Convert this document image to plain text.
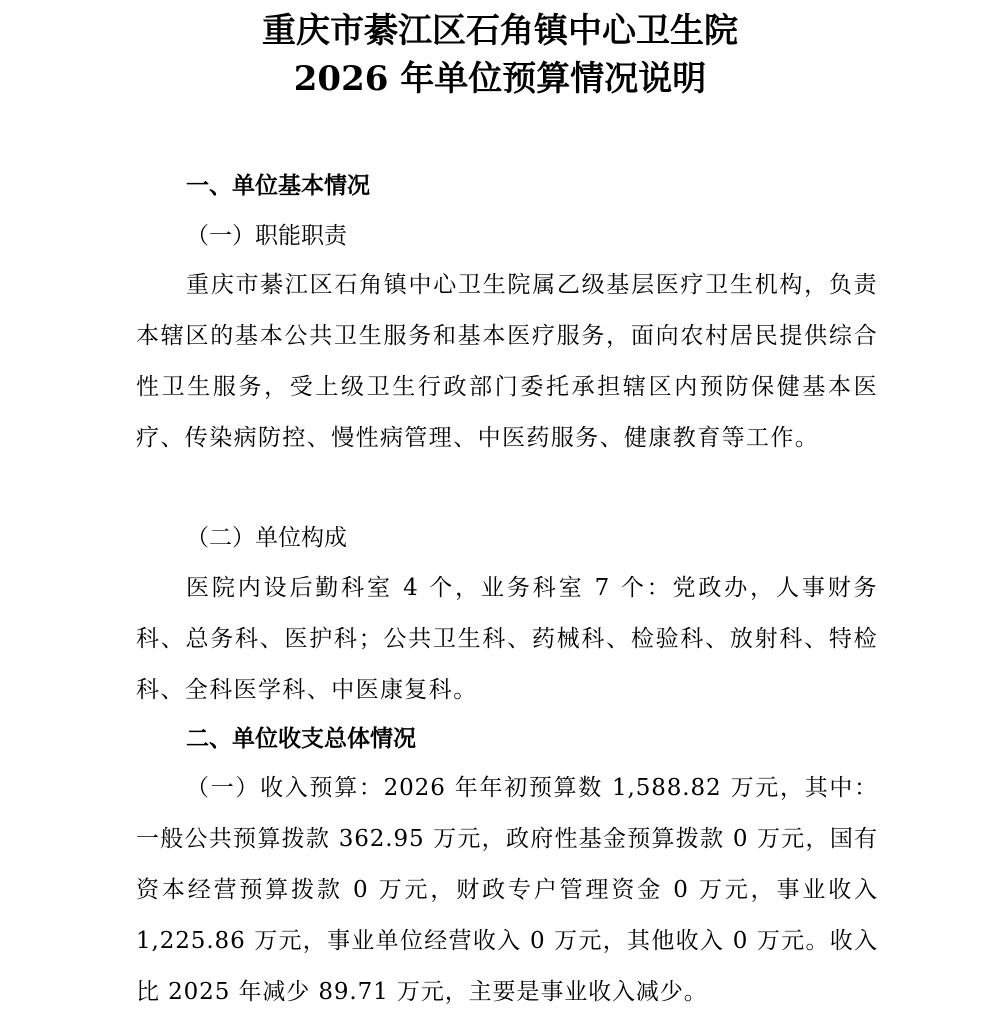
重庆市綦江区石角镇中心卫生院
2026 年单位预算情况说明
一、单位基本情况
（一）职能职责

重庆市綦江区石角镇中心卫生院属乙级基层医疗卫生机构，负责本辖区的基本公共卫生服务和基本医疗服务，面向农村居民提供综合性卫生服务，受上级卫生行政部门委托承担辖区内预防保健基本医疗、传染病防控、慢性病管理、中医药服务、健康教育等工作。

（二）单位构成

医院内设后勤科室 4 个，业务科室 7 个：党政办，人事财务科、总务科、医护科；公共卫生科、药械科、检验科、放射科、特检科、全科医学科、中医康复科。

二、单位收支总体情况

（一）收入预算：2026 年年初预算数 1,588.82 万元，其中：一般公共预算拨款 362.95 万元，政府性基金预算拨款 0 万元，国有资本经营预算拨款 0 万元，财政专户管理资金 0 万元，事业收入 1,225.86 万元，事业单位经营收入 0 万元，其他收入 0 万元。收入比 2025 年减少 89.71 万元，主要是事业收入减少。
